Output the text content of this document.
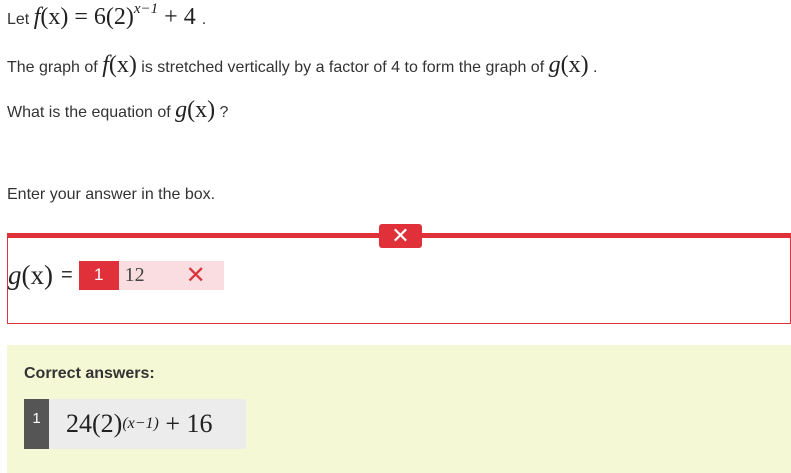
Let $f(x) = 6(2)^{x-1} + 4$ .
The graph of f(x) is stretched vertically by a factor of 4 to form the graph of g(x) .
What is the equation of g(x) ?
Enter your answer in the box.
✕
g(x) =	1	12 ✕
Correct answers:
1 24(2) (x−1)
+ 16
